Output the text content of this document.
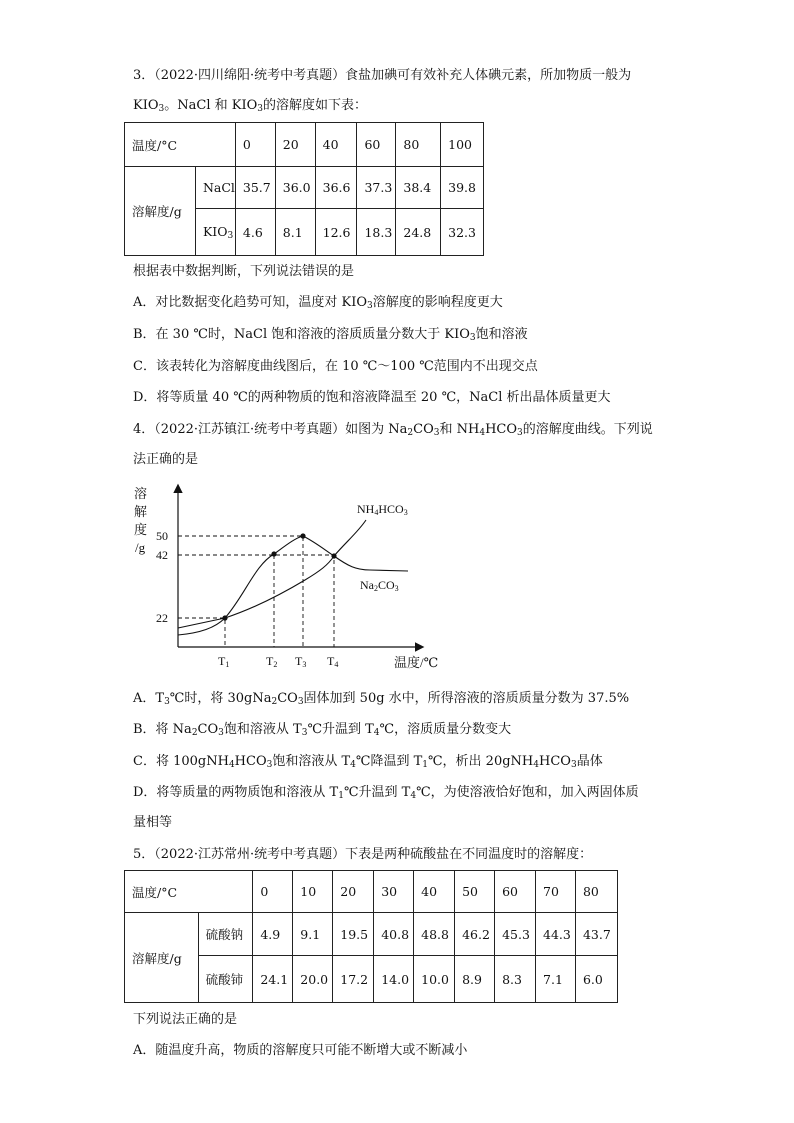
3．（2022·四川绵阳·统考中考真题）食盐加碘可有效补充人体碘元素，所加物质一般为
$KIO_3$。NaCl 和 $KIO_3$的溶解度如下表：
温度/°C		0	20	40	60	80	100
溶解度/g	NaCl	35.7	36.0	36.6	37.3	38.4	39.8
	$KIO_3$	4.6	8.1	12.6	18.3	24.8	32.3
根据表中数据判断，下列说法错误的是
A．对比数据变化趋势可知，温度对 $KIO_3$溶解度的影响程度更大
B．在 30 ℃时，NaCl 饱和溶液的溶质质量分数大于 $KIO_3$饱和溶液
C．该表转化为溶解度曲线图后，在 10 ℃～100 ℃范围内不出现交点
D．将等质量 40 ℃的两种物质的饱和溶液降温至 20 ℃，NaCl 析出晶体质量更大
4．（2022·江苏镇江·统考中考真题）如图为 $Na_2CO_3$和 $NH_4HCO_3$的溶解度曲线。下列说
法正确的是
溶
解
度
/g
50
42
22
T1	T2 T3 T4	温度/℃
NH4HCO3
Na2CO3
A．$T_3℃$时，将 $30gNa_2CO_3$固体加到 50g 水中，所得溶液的溶质质量分数为 37.5%
B．将 $Na_2CO_3$饱和溶液从 $T_3℃$升温到 $T_4℃$，溶质质量分数变大
C．将 $100gNH_4HCO_3$饱和溶液从 $T_4℃$降温到 $T_1℃$，析出 $20gNH_4HCO_3$晶体
D．将等质量的两物质饱和溶液从 $T_1℃$升温到 $T_4℃$，为使溶液恰好饱和，加入两固体质
量相等
5．（2022·江苏常州·统考中考真题）下表是两种硫酸盐在不同温度时的溶解度：
温度/°C		0	10	20	30	40	50	60	70	80
溶解度/g	硫酸钠	4.9	9.1	19.5	40.8	48.8	46.2	45.3	44.3	43.7
	硫酸铈	24.1	20.0	17.2	14.0	10.0	8.9	8.3	7.1	6.0
下列说法正确的是
A．随温度升高，物质的溶解度只可能不断增大或不断减小
